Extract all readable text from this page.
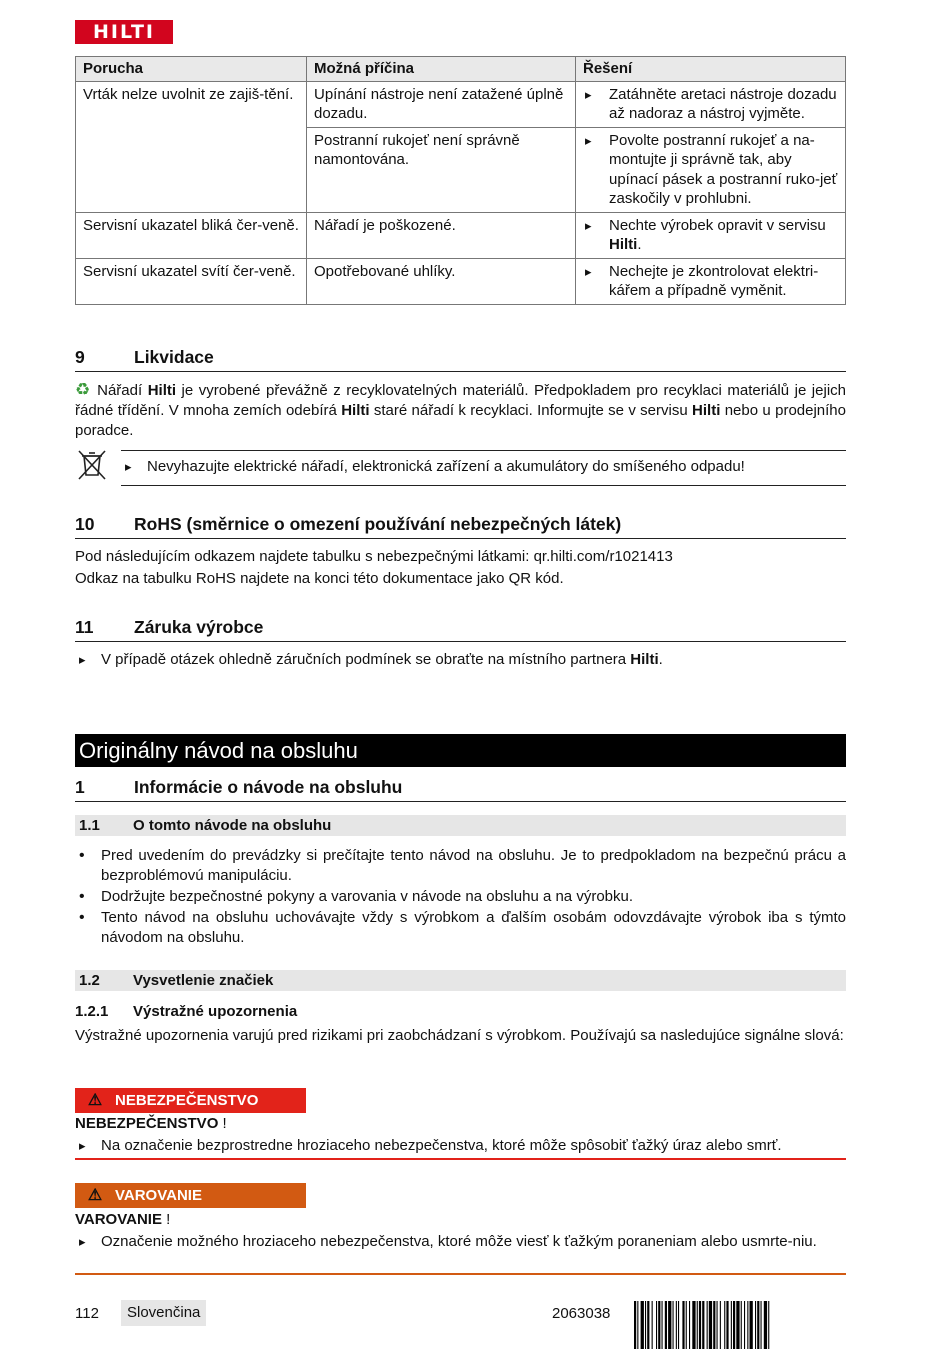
HILTI
Porucha	Možná příčina	Řešení
Vrták nelze uvolnit ze zajiš-tění.	Upínání nástroje není zatažené úplně dozadu.	▸ Zatáhněte aretaci nástroje dozadu až nadoraz a nástroj vyjměte.
	Postranní rukojeť není správně namontována.	▸ Povolte postranní rukojeť a na-montujte ji správně tak, aby upínací pásek a postranní ruko-jeť zaskočily v prohlubni.
Servisní ukazatel bliká čer-veně.	Nářadí je poškozené.	▸ Nechte výrobek opravit v servisu Hilti.
Servisní ukazatel svítí čer-veně.	Opotřebované uhlíky.	▸ Nechejte je zkontrolovat elektri-kářem a případně vyměnit.
9	Likvidace
♻ Nářadí Hilti je vyrobené převážně z recyklovatelných materiálů. Předpokladem pro recyklaci materiálů je jejich řádné třídění. V mnoha zemích odebírá Hilti staré nářadí k recyklaci. Informujte se v servisu Hilti nebo u prodejního poradce.
▸ Nevyhazujte elektrické nářadí, elektronická zařízení a akumulátory do smíšeného odpadu!
10 RoHS (směrnice o omezení používání nebezpečných látek)
Pod následujícím odkazem najdete tabulku s nebezpečnými látkami: qr.hilti.com/r1021413
Odkaz na tabulku RoHS najdete na konci této dokumentace jako QR kód.
11 Záruka výrobce
▸ V případě otázek ohledně záručních podmínek se obraťte na místního partnera Hilti.
Originálny návod na obsluhu
1	Informácie o návode na obsluhu
1.1 O tomto návode na obsluhu
• Pred uvedením do prevádzky si prečítajte tento návod na obsluhu. Je to predpokladom na bezpečnú prácu a bezproblémovú manipuláciu.
• Dodržujte bezpečnostné pokyny a varovania v návode na obsluhu a na výrobku.
• Tento návod na obsluhu uchovávajte vždy s výrobkom a ďalším osobám odovzdávajte výrobok iba s týmto návodom na obsluhu.
1.2 Vysvetlenie značiek
1.2.1 Výstražné upozornenia
Výstražné upozornenia varujú pred rizikami pri zaobchádzaní s výrobkom. Používajú sa nasledujúce signálne slová:
⚠ NEBEZPEČENSTVO
NEBEZPEČENSTVO !
▸ Na označenie bezprostredne hroziaceho nebezpečenstva, ktoré môže spôsobiť ťažký úraz alebo smrť.
⚠ VAROVANIE
VAROVANIE !
▸ Označenie možného hroziaceho nebezpečenstva, ktoré môže viesť k ťažkým poraneniam alebo usmrte-niu.
112	Slovenčina	2063038
